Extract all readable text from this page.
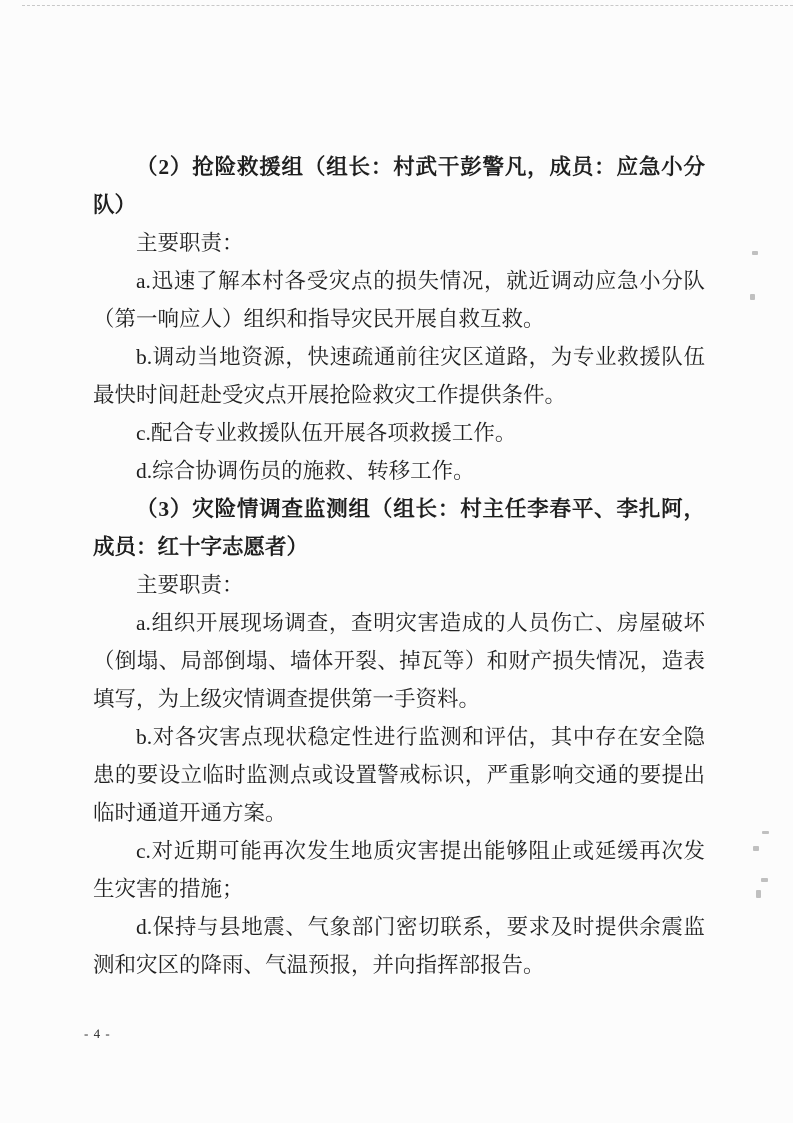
（2）抢险救援组（组长：村武干彭警凡，成员：应急小分队）

主要职责：

a.迅速了解本村各受灾点的损失情况，就近调动应急小分队（第一响应人）组织和指导灾民开展自救互救。

b.调动当地资源，快速疏通前往灾区道路，为专业救援队伍最快时间赶赴受灾点开展抢险救灾工作提供条件。

c.配合专业救援队伍开展各项救援工作。

d.综合协调伤员的施救、转移工作。

（3）灾险情调查监测组（组长：村主任李春平、李扎阿，成员：红十字志愿者）

主要职责：

a.组织开展现场调查，查明灾害造成的人员伤亡、房屋破坏（倒塌、局部倒塌、墙体开裂、掉瓦等）和财产损失情况，造表填写，为上级灾情调查提供第一手资料。

b.对各灾害点现状稳定性进行监测和评估，其中存在安全隐患的要设立临时监测点或设置警戒标识，严重影响交通的要提出临时通道开通方案。

c.对近期可能再次发生地质灾害提出能够阻止或延缓再次发生灾害的措施；

d.保持与县地震、气象部门密切联系，要求及时提供余震监测和灾区的降雨、气温预报，并向指挥部报告。

- 4 -
